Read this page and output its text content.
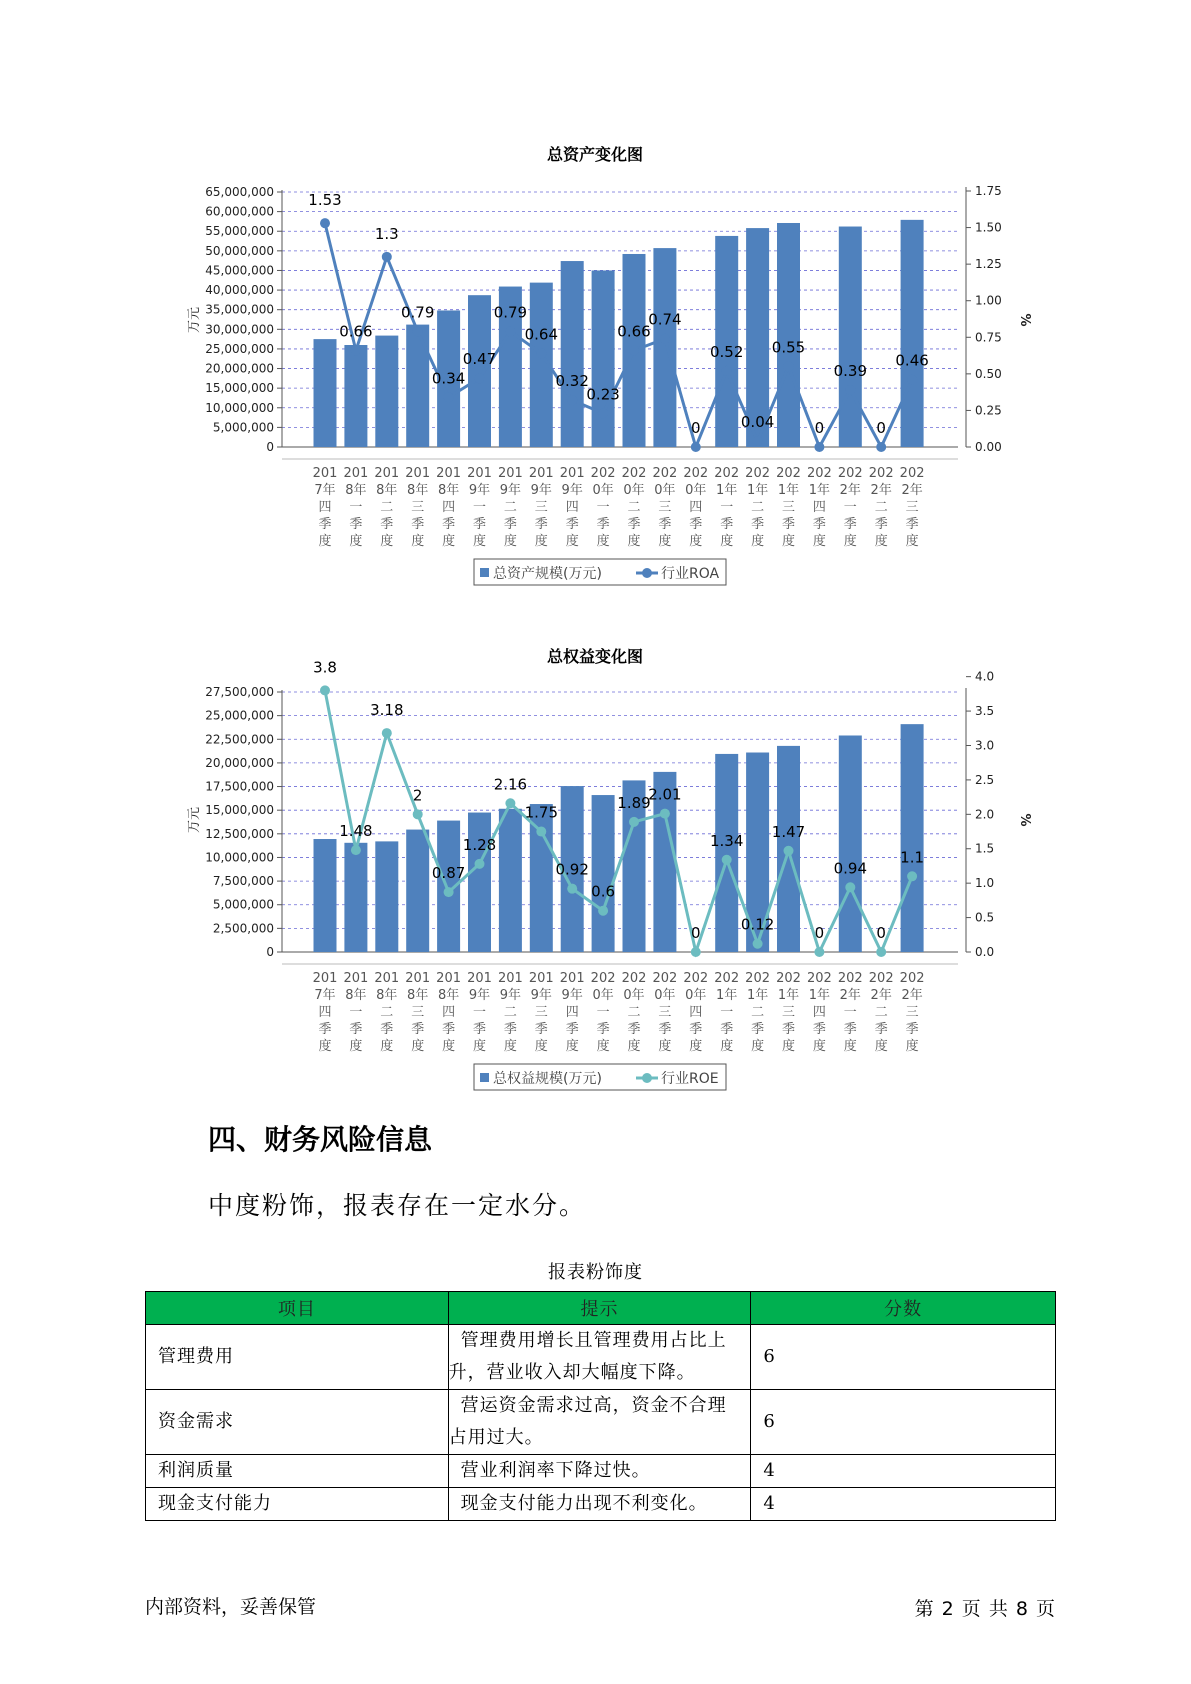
总资产变化图
65,000,000
60,000,000
55,000,000
50,000,000
45,000,000
40,000,000
35,000,000
30,000,000
25,000,000
20,000,000
15,000,000
10,000,000
5,000,000
0
1.75
1.50
1.25
1.00
0.75
0.50
0.25
0.00
万元	%
1.53
0.66
1.3
0.79
0.34
0.47
0.79
0.64
0.32
0.23
0.66
0.74
0
0.52
0.04
0.55
0
0.39
0
0.46
201 7年四季度
201 8年一季度
201 8年二季度
201 8年三季度
201 8年四季度
201 9年一季度
201 9年二季度
201 9年三季度
201 9年四季度
202 0年一季度
202 0年二季度
202 0年三季度
202 0年四季度
202 1年一季度
202 1年二季度
202 1年三季度
202 1年四季度
202 2年一季度
202 2年二季度
202 2年三季度
总资产规模(万元)	行业ROA
总权益变化图
27,500,000
25,000,000
22,500,000
20,000,000
17,500,000
15,000,000
12,500,000
10,000,000
7,500,000
5,000,000
2,500,000
0
4.0
3.5
3.0
2.5
2.0
1.5
1.0
0.5
0.0
万元	%
3.8
1.48
3.18
2
0.87
1.28
2.16
1.75
0.92
0.6
1.89
2.01
0
1.34
0.12
1.47
0
0.94
0
1.1
201 7年四季度
201 8年一季度
201 8年二季度
201 8年三季度
201 8年四季度
201 9年一季度
201 9年二季度
201 9年三季度
201 9年四季度
202 0年一季度
202 0年二季度
202 0年三季度
202 0年四季度
202 1年一季度
202 1年二季度
202 1年三季度
202 1年四季度
202 2年一季度
202 2年二季度
202 2年三季度
总权益规模(万元)	行业ROE
四、财务风险信息

中度粉饰，报表存在一定水分。

报表粉饰度
项目	提示	分数
管理费用	管理费用增长且管理费用占比上
升，营业收入却大幅度下降。	6
资金需求	营运资金需求过高，资金不合理
占用过大。	6
利润质量	营业利润率下降过快。	4
现金支付能力	现金支付能力出现不利变化。	4
内部资料，妥善保管	第 2 页 共 8 页
